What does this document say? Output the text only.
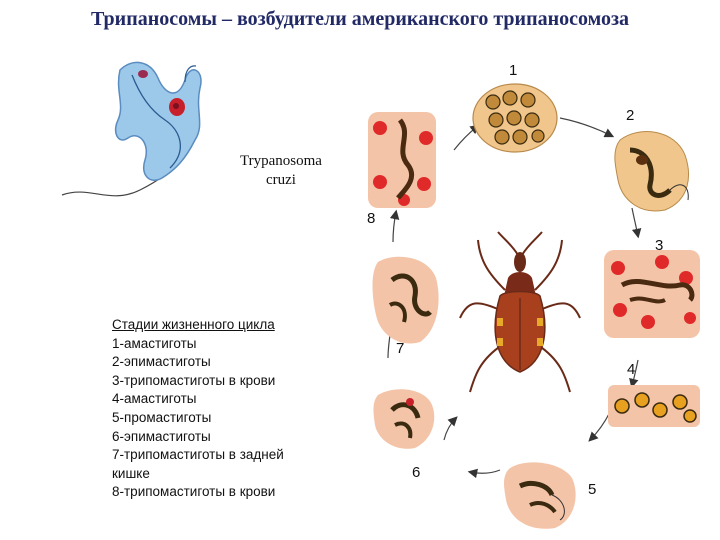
Трипаносомы – возбудители американского трипаносомоза
Trypanosoma
cruzi
1
2
3
4
5
6
7
8
Стадии жизненного цикла
1-амастиготы
2-эпимастиготы
3-трипомастиготы в крови
4-амастиготы
5-промастиготы
6-эпимастиготы
7-трипомастиготы в задней
кишке
8-трипомастиготы в крови
